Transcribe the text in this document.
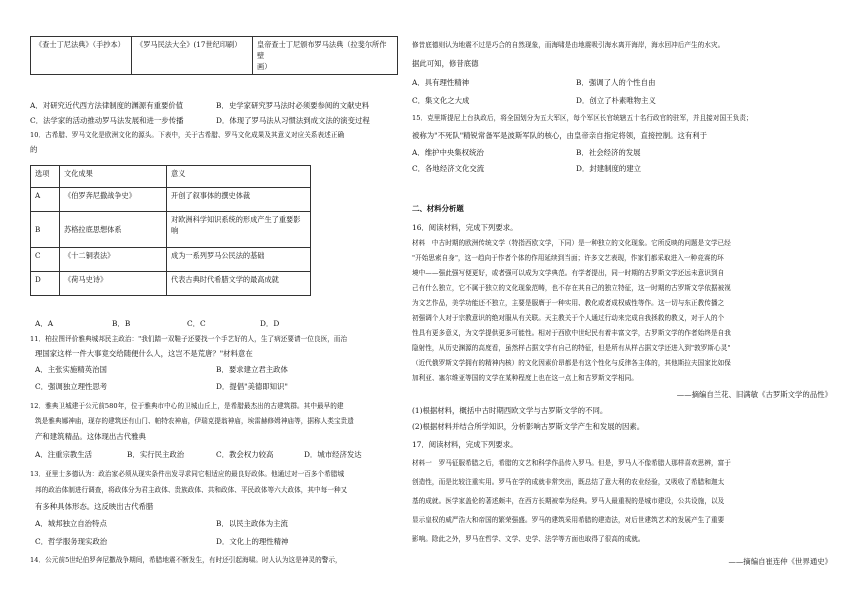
《查士丁尼法典》（手抄本）	《罗马民法大全》(17世纪印刷）	皇帝查士丁尼颁布罗马法典（拉斐尔所作壁
画）
A．对研究近代西方法律制度的渊源有重要价值	B．史学家研究罗马法时必须要参阅的文献史料
C．法学家的活动推动罗马法发展和进一步传播	D．体现了罗马法从习惯法到成文法的演变过程
10．古希腊、罗马文化是欧洲文化的源头。下表中，关于古希腊、罗马文化成果及其意义对应关系表述正确
的
选项	文化成果	意义
A	《伯罗奔尼撒战争史》	开创了叙事体的撰史体裁
B	苏格拉底思想体系	对欧洲科学知识系统的形成产生了重要影
响

C	《十二铜表法》	成为一系列罗马公民法的基础
D	《荷马史诗》	代表古典时代希腊文学的最高成就
A．A	B．B	C．C	D．D
11．柏拉图评价雅典城邦民主政治："我们踏一双鞋子还要找一个手艺好的人，生了病还要请一位良医，而治
理国家这样一件大事竟交给随便什么人，这岂不是荒唐？"材料意在
A．主张实施精英治国	B．要求建立君主政体
C．强调独立理性思考	D．提倡"美德即知识"
12．雅典卫城建于公元前580年，位于雅典市中心的卫城山丘上，是希腊最杰出的古建筑群。其中最早的建
筑是雅典娜神庙，现存的建筑还有山门、帕特农神庙，伊瑞克提翁神庙，埃雷赫修姆神庙等，据称人类宝贵遗
产和建筑精品。这体现出古代雅典
A．注重宗教生活	B．实行民主政治	C．教会权力较高	D．城市经济发达
13．亚里士多德认为：政治家必须从现实条件出发寻求同它相适应的最良好政体。他通过对一百多个希腊城
邦的政治体制进行调查，将政体分为君主政体、贵族政体、共和政体、平民政体等六大政体，其中每一种又
有多种具体形态。这反映出古代希腊
A．城邦独立自治特点	B．以民主政体为主流
C．哲学服务现实政治	D．文化上的理性精神
14．公元前5世纪伯罗奔尼撒战争期间，希腊地震不断发生，有时还引起海啸。时人认为这是神灵的警示，
修昔底德则认为地震不过是巧合的自然现象，而海啸是由地震吸引海水离开海岸，海水回冲后产生的水灾。
据此可知，修昔底德
A．具有理性精神	B．强调了人的个性自由
C．集文化之大成	D．创立了朴素唯物主义
15．克里斯提尼上台执政后，将全国划分为五大军区，每个军区长官统辖五十名行政官的驻军，并且接对国王负责；
被称为"不死队"精锐常备军是波斯军队的核心，由皇帝亲自指定将领，直接控制。这有利于
A．维护中央集权统治	B．社会经济的发展
C．各地经济文化交流	D．封建制度的建立
二、材料分析题
16．阅读材料，完成下列要求。
材料　中古时期的欧洲传统文学（特指西欧文学，下同）是一种独立的文化现象。它所反映的问题是文学已经
"开始思索自身"，这一趋向于作者个体的作用延续到当面；许多文艺表现，作家们都采取进入一种竞赛的环
境中——强此强写便更好，或者强可以成为文学典范。有学者提出，同一时期的古罗斯文学还远未意识到自
己有什么独立，它不属于独立的文化现象范畴，也不存在其自己的独立特征，这一时期的古罗斯文学依据被视
为文艺作品，美学功能还不独立，主要是服膺于一种实用、教化或者成权威性等作。这一切与东正教传播之
初强调个人对于宗教意识的绝对服从有关联。天主教关于个人通过行动来完成自我拯救的教义，对于人的个
性具有更多意义，为文学提供更多可能性。相对于西欧中世纪民有着丰富文学，古罗斯文学的作者始终是自我
隐射性，从历史渊源的高度看，虽然样占据文学有自己的特征，但是所有从样占据文学还进入到"敦罗斯心灵"
（近代俄罗斯文学拥有的精神内核）的文化因素价昂都是有这个性化与反律各主体的，其他斯拉夫国家比如保
加利亚、塞尔维亚等国的文学在某种程度上也在这一点上和古罗斯文学相同。
——摘编自兰花、旧满敏《古罗斯文学的品性》
(1)根据材料，概括中古时期西欧文学与古罗斯文学的不同。
(2)根据材料并结合所学知识，分析影响古罗斯文学产生和发展的因素。
17．阅读材料，完成下列要求。
材料一　罗马征服希腊之后，希腊的文艺和科学作品传入罗马。但是，罗马人不像希腊人那样喜欢思辨，富于
创造性，而是比较注重实用。罗马在学的成就非常突出，既总结了意大利的农业经验，又吸收了希腊和迦太
基的成就。医学家盖伦的著述颇丰，在西方长期被奉为经典。罗马人最重视的是城市建设，公共设施，以及
显示皇权的威严浩大和帝国的繁荣强盛。罗马的建筑采用希腊的建造法，对后世建筑艺术的发展产生了重要
影响。除此之外，罗马在哲学、文学、史学、法学等方面也取得了很高的成就。
——摘编自崔连仲《世界通史》
